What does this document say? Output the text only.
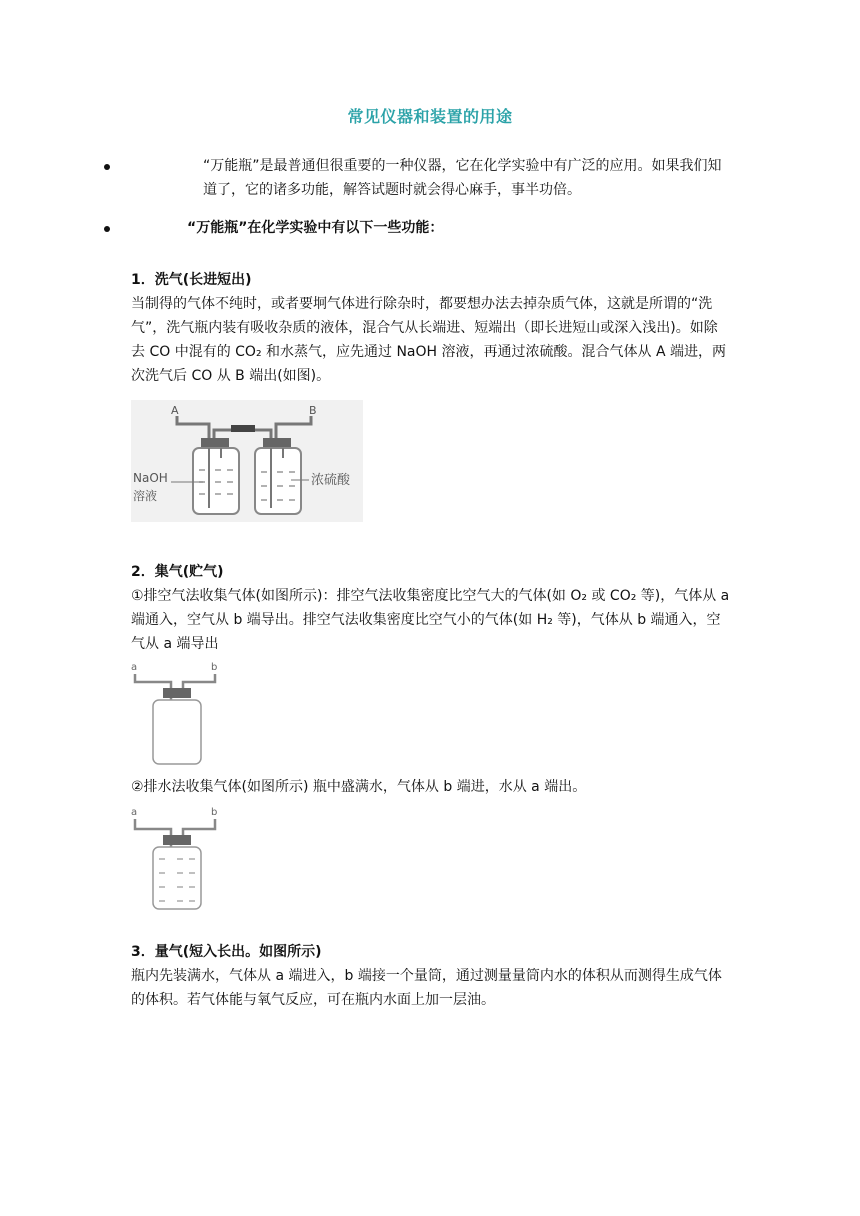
常见仪器和装置的用途
“万能瓶”是最普通但很重要的一种仪器，它在化学实验中有广泛的应用。如果我们知道了，它的诸多功能，解答试题时就会得心麻手，事半功倍。
“万能瓶”在化学实验中有以下一些功能：
1．洗气(长进短出)
当制得的气体不纯时，或者要坰气体进行除杂时，都要想办法去掉杂质气体，这就是所谓的“洗气”，洗气瓶内装有吸收杂质的液体，混合气从长端进、短端出（即长进短山或深入浅出)。如除去 CO 中混有的 CO₂ 和水蒸气，应先通过 NaOH 溶液，再通过浓硫酸。混合气体从 A 端进，两次洗气后 CO 从 B 端出(如图)。
A	B
NaOH
溶液
浓硫酸
2．集气(贮气)
①排空气法收集气体(如图所示)：排空气法收集密度比空气大的气体(如 O₂ 或 CO₂ 等)，气体从 a 端通入，空气从 b 端导出。排空气法收集密度比空气小的气体(如 H₂ 等)，气体从 b 端通入，空气从 a 端导出
a	b
②排水法收集气体(如图所示) 瓶中盛满水，气体从 b 端进，水从 a 端出。
a	b
3．量气(短入长出。如图所示)
瓶内先装满水，气体从 a 端进入，b 端接一个量筒，通过测量量筒内水的体积从而测得生成气体的体积。若气体能与氧气反应，可在瓶内水面上加一层油。
